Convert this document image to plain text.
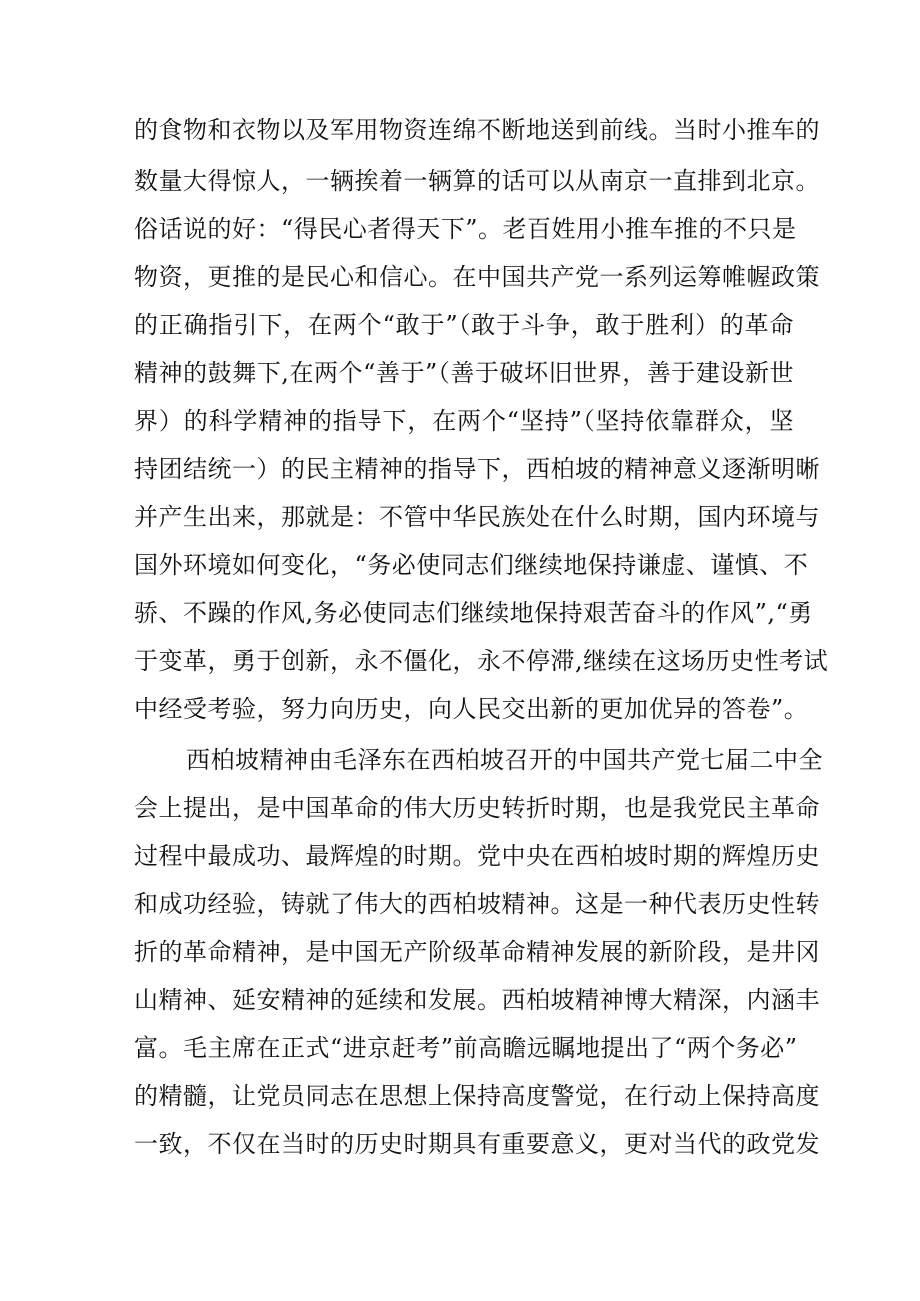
的食物和衣物以及军用物资连绵不断地送到前线。当时小推车的
数量大得惊人，一辆挨着一辆算的话可以从南京一直排到北京。
俗话说的好：“得民心者得天下”。老百姓用小推车推的不只是
物资，更推的是民心和信心。在中国共产党一系列运筹帷幄政策
的正确指引下，在两个“敢于”（敢于斗争，敢于胜利）的革命
精神的鼓舞下,在两个“善于”（善于破坏旧世界，善于建设新世
界）的科学精神的指导下，在两个“坚持”（坚持依靠群众，坚
持团结统一）的民主精神的指导下，西柏坡的精神意义逐渐明晰
并产生出来，那就是：不管中华民族处在什么时期，国内环境与
国外环境如何变化，“务必使同志们继续地保持谦虚、谨慎、不
骄、不躁的作风,务必使同志们继续地保持艰苦奋斗的作风”,“勇
于变革，勇于创新，永不僵化，永不停滞,继续在这场历史性考试
中经受考验，努力向历史，向人民交出新的更加优异的答卷”。
西柏坡精神由毛泽东在西柏坡召开的中国共产党七届二中全
会上提出，是中国革命的伟大历史转折时期，也是我党民主革命
过程中最成功、最辉煌的时期。党中央在西柏坡时期的辉煌历史
和成功经验，铸就了伟大的西柏坡精神。这是一种代表历史性转
折的革命精神，是中国无产阶级革命精神发展的新阶段，是井冈
山精神、延安精神的延续和发展。西柏坡精神博大精深，内涵丰
富。毛主席在正式“进京赶考”前高瞻远瞩地提出了“两个务必”
的精髓，让党员同志在思想上保持高度警觉，在行动上保持高度
一致，不仅在当时的历史时期具有重要意义，更对当代的政党发
